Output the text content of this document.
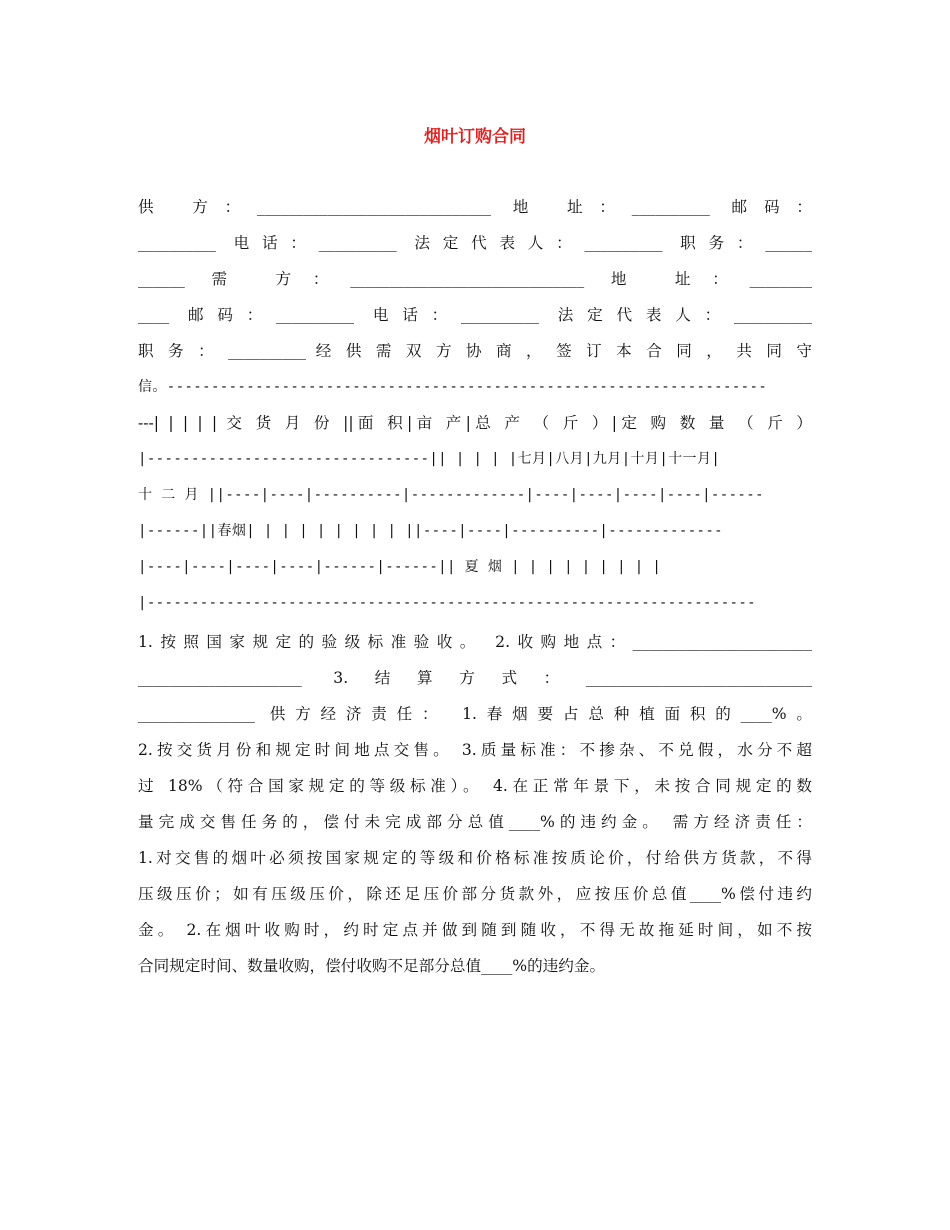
烟叶订购合同
供 方：______________________________ 地 址：__________ 邮码：
__________ 电话：__________ 法定代表人：__________ 职务：______
______ 需 方：______________________________ 地 址：________
____ 邮码：__________ 电话：__________ 法定代表人：__________
职 务 ： __________ 经 供 需 双 方 协 商 ， 签 订 本 合 同 ， 共 同 守
信。--------------------------------------------------------------------
---| | | | | 交 货 月 份 ||面 积|亩 产|总 产 （ 斤 ）|定 购 数 量 （ 斤 ）
|--------------------------------|| | | | |七月|八月|九月|十月|十一月|
十 二 月 ||----|----|----------|-------------|----|----|----|----|------
|------||春烟| | | | | | | | | ||----|----|----------|-------------
|----|----|----|----|------|------|| 夏 烟 | | | | | | | | |
|---------------------------------------------------------------------
1.按照国家规定的验级标准验收。 2.收购地点：_______________________
_____________________ 3.结算方式：_____________________________
_______________ 供方经济责任： 1.春烟要占总种植面积的____%。
2.按交货月份和规定时间地点交售。 3.质量标准：不掺杂、不兑假，水分不超
过 18%（符合国家规定的等级标准）。 4.在正常年景下，未按合同规定的数
量完成交售任务的，偿付未完成部分总值____%的违约金。 需方经济责任：
1.对交售的烟叶必须按国家规定的等级和价格标准按质论价，付给供方货款，不得
压级压价；如有压级压价，除还足压价部分货款外，应按压价总值____%偿付违约
金。 2.在烟叶收购时，约时定点并做到随到随收，不得无故拖延时间，如不按
合同规定时间、数量收购，偿付收购不足部分总值____%的违约金。
